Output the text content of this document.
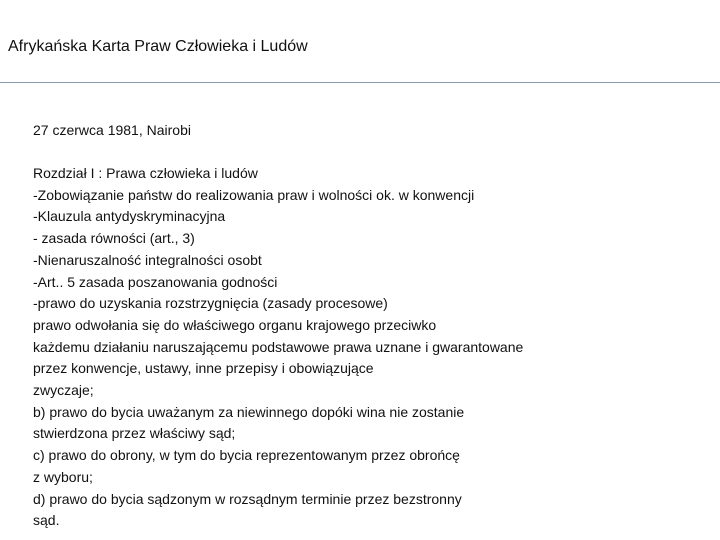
Afrykańska Karta Praw Człowieka i Ludów
27 czerwca 1981, Nairobi
Rozdział I : Prawa człowieka i ludów
-Zobowiązanie państw do realizowania praw i wolności ok. w konwencji
-Klauzula antydyskryminacyjna
- zasada równości (art., 3)
-Nienaruszalność integralności osobt
-Art.. 5 zasada poszanowania godności
-prawo do uzyskania rozstrzygnięcia (zasady procesowe)
prawo odwołania się do właściwego organu krajowego przeciwko
każdemu działaniu naruszającemu podstawowe prawa uznane i gwarantowane
przez konwencje, ustawy, inne przepisy i obowiązujące
zwyczaje;
b) prawo do bycia uważanym za niewinnego dopóki wina nie zostanie
stwierdzona przez właściwy sąd;
c) prawo do obrony, w tym do bycia reprezentowanym przez obrońcę
z wyboru;
d) prawo do bycia sądzonym w rozsądnym terminie przez bezstronny
sąd.
